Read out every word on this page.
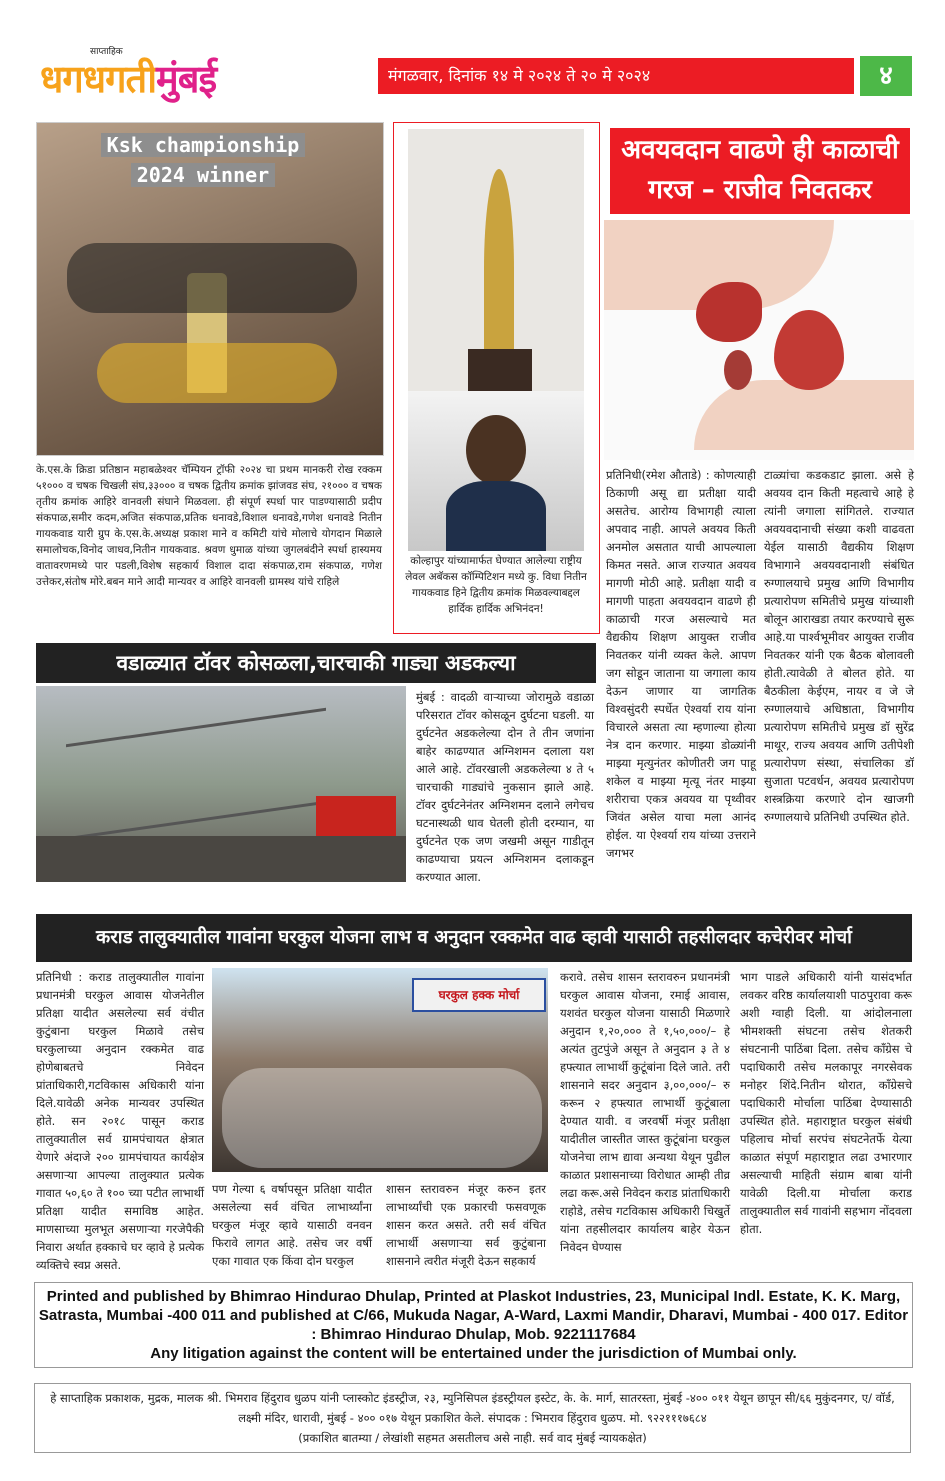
साप्ताहिक
धगधगतीमुंबई	मंगळवार, दिनांक १४ मे २०२४ ते २० मे २०२४	४
Ksk championship
2024 winner
के.एस.के क्रिडा प्रतिष्ठान महाबळेश्वर चॅम्पियन ट्रॉफी २०२४ चा प्रथम मानकरी रोख रक्कम ५१००० व चषक चिखली संघ,३३००० व चषक द्वितीय क्रमांक झांजवड संघ, २१००० व चषक तृतीय क्रमांक आहिरे वानवली संघाने मिळवला. ही संपूर्ण स्पर्धा पार पाडण्यासाठी प्रदीप संकपाळ,समीर कदम,अजित संकपाळ,प्रतिक धनावडे,विशाल धनावडे,गणेश धनावडे नितीन गायकवाड यारी ग्रुप के.एस.के.अध्यक्ष प्रकाश माने व कमिटी यांचे मोलाचे योगदान मिळाले समालोचक,विनोद जाधव,नितीन गायकवाड. श्रवण धुमाळ यांच्या जुगलबंदीने स्पर्धा हास्यमय वातावरणमध्ये पार पडली,विशेष सहकार्य विशाल दादा संकपाळ,राम संकपाळ, गणेश उत्तेकर,संतोष मोरे.बबन माने आदी मान्यवर व आहिरे वानवली ग्रामस्थ यांचे राहिले
कोल्हापुर यांच्यामार्फत घेण्यात आलेल्या राष्ट्रीय लेवल अबॅकस कॉम्पिटिशन मध्ये कु. विधा नितीन गायकवाड हिने द्वितीय क्रमांक मिळवल्याबद्दल हार्दिक हार्दिक अभिनंदन!
अवयवदान वाढणे ही काळाची
गरज – राजीव निवतकर
प्रतिनिधी(रमेश औताडे) : कोणत्याही ठिकाणी असू द्या प्रतीक्षा यादी असतेच. आरोग्य विभागही त्याला अपवाद नाही. आपले अवयव किती अनमोल असतात याची आपल्याला किमत नसते. आज राज्यात अवयव मागणी मोठी आहे. प्रतीक्षा यादी व मागणी पाहता अवयवदान वाढणे ही काळाची गरज असल्याचे मत वैद्यकीय शिक्षण आयुक्त राजीव निवतकर यांनी व्यक्त केले. आपण जग सोडून जाताना या जगाला काय देऊन जाणार या जागतिक विश्वसुंदरी स्पर्धेत ऐश्वर्या राय यांना विचारले असता त्या म्हणाल्या होत्या नेत्र दान करणार. माझ्या डोळ्यांनी माझ्या मृत्युनंतर कोणीतरी जग पाहू शकेल व माझ्या मृत्यू नंतर माझ्या शरीराचा एकत्र अवयव या पृथ्वीवर जिवंत असेल याचा मला आनंद होईल. या ऐश्वर्या राय यांच्या उत्तराने जगभर
टाळ्यांचा कडकडाट झाला. असे हे अवयव दान किती महत्वाचे आहे हे त्यांनी जगाला सांगितले. राज्यात अवयवदानाची संख्या कशी वाढवता येईल यासाठी वैद्यकीय शिक्षण विभागाने अवयवदानाशी संबंधित रुग्णालयाचे प्रमुख आणि विभागीय प्रत्यारोपण समितीचे प्रमुख यांच्याशी बोलून आराखडा तयार करण्याचे सुरू आहे.या पार्श्वभूमीवर आयुक्त राजीव निवतकर यांनी एक बैठक बोलावली होती.त्यावेळी ते बोलत होते. या बैठकीला केईएम, नायर व जे जे रुग्णालयाचे अधिष्ठाता, विभागीय प्रत्यारोपण समितीचे प्रमुख डॉ सुरेंद्र माथूर, राज्य अवयव आणि उतीपेशी प्रत्यारोपण संस्था, संचालिका डॉ सुजाता पटवर्धन, अवयव प्रत्यारोपण शस्त्रक्रिया करणारे दोन खाजगी रुग्णालयाचे प्रतिनिधी उपस्थित होते.
वडाळ्यात टॉवर कोसळला,चारचाकी गाड्या अडकल्या
मुंबई : वादळी वाऱ्याच्या जोरामुळे वडाळा परिसरात टॉवर कोसळून दुर्घटना घडली. या दुर्घटनेत अडकलेल्या दोन ते तीन जणांना बाहेर काढण्यात अग्निशमन दलाला यश आले आहे. टॉवरखाली अडकलेल्या ४ ते ५ चारचाकी गाड्यांचे नुकसान झाले आहे. टॉवर दुर्घटनेनंतर अग्निशमन दलाने लगेचच घटनास्थळी धाव घेतली होती दरम्यान, या दुर्घटनेत एक जण जखमी असून गाडीतून काढण्याचा प्रयत्न अग्निशमन दलाकडून करण्यात आला.
कराड तालुक्यातील गावांना घरकुल योजना लाभ व अनुदान रक्कमेत वाढ व्हावी यासाठी तहसीलदार कचेरीवर मोर्चा
प्रतिनिधी : कराड तालुक्यातील गावांना प्रधानमंत्री घरकुल आवास योजनेतील प्रतिक्षा यादीत असलेल्या सर्व वंचीत कुटुंबाना घरकुल मिळावे तसेच घरकुलाच्या अनुदान रक्कमेत वाढ होणेबाबतचे निवेदन प्रांताधिकारी,गटविकास अधिकारी यांना दिले.यावेळी अनेक मान्यवर उपस्थित होते. सन २०१८ पासून कराड तालुक्यातील सर्व ग्रामपंचायत क्षेत्रात येणारे अंदाजे २०० ग्रामपंचायत कार्यक्षेत्र असणाऱ्या आपल्या तालुक्यात प्रत्येक गावात ५०,६० ते १०० च्या पटीत लाभार्थी प्रतिक्षा यादीत समाविष्ठ आहेत. माणसाच्या मुलभूत असणाऱ्या गरजेपैकी निवारा अर्थात हक्काचे घर व्हावे हे प्रत्येक व्यक्तिचे स्वप्न असते.
घरकुल हक्क मोर्चा
पण गेल्या ६ वर्षापसून प्रतिक्षा यादीत असलेल्या सर्व वंचित लाभार्थ्यांना घरकुल मंजूर व्हावे यासाठी वनवन फिरावे लागत आहे. तसेच जर वर्षी एका गावात एक किंवा दोन घरकुल
शासन स्तरावरुन मंजूर करुन इतर लाभार्थ्यांची एक प्रकारची फसवणूक शासन करत असते. तरी सर्व वंचित लाभार्थी असणाऱ्या सर्व कुटुंबाना शासनाने त्वरीत मंजूरी देऊन सहकार्य
करावे. तसेच शासन स्तरावरुन प्रधानमंत्री घरकुल आवास योजना, रमाई आवास, यशवंत घरकुल योजना यासाठी मिळणारे अनुदान १,२०,००० ते १,५०,०००/– हे अत्यंत तुटपुंजे असून ते अनुदान ३ ते ४ हफ्त्यात लाभार्थी कुटूंबांना दिले जाते. तरी शासनाने सदर अनुदान ३,००,०००/– रु करून २ हफ्त्यात लाभार्थी कुटूंबाला देण्यात यावी. व जरवर्षी मंजूर प्रतीक्षा यादीतील जास्तीत जास्त कुटूंबांना घरकुल योजनेचा लाभ द्यावा अन्यथा येथून पुढील काळात प्रशासनाच्या विरोधात आम्ही तीव्र लढा करू.असे निवेदन कराड प्रांताधिकारी राहोडे, तसेच गटविकास अधिकारी चिखुर्ते यांना तहसीलदार कार्यालय बाहेर येऊन निवेदन घेण्यास
भाग पाडले अधिकारी यांनी यासंदर्भात लवकर वरिष्ठ कार्यालयाशी पाठपुरावा करू अशी ग्वाही दिली. या आंदोलनाला भीमशक्ती संघटना तसेच शेतकरी संघटनानी पाठिंबा दिला. तसेच कॉंग्रेस चे पदाधिकारी तसेच मलकापूर नगरसेवक मनोहर शिंदे.नितीन थोरात, कॉंग्रेसचे पदाधिकारी मोर्चाला पाठिंबा देण्यासाठी उपस्थित होते. महाराष्ट्रात घरकुल संबंधी पहिलाच मोर्चा सरपंच संघटनेतर्फे येत्या काळात संपूर्ण महाराष्ट्रात लढा उभारणार असल्याची माहिती संग्राम बाबा यांनी यावेळी दिली.या मोर्चाला कराड तालुक्यातील सर्व गावांनी सहभाग नोंदवला होता.
Printed and published by Bhimrao Hindurao Dhulap, Printed at Plaskot Industries, 23, Municipal Indl. Estate, K. K. Marg, Satrasta, Mumbai -400 011 and published at C/66, Mukuda Nagar, A-Ward, Laxmi Mandir, Dharavi, Mumbai - 400 017. Editor : Bhimrao Hindurao Dhulap, Mob. 9221117684
Any litigation against the content will be entertained under the jurisdiction of Mumbai only.
हे साप्ताहिक प्रकाशक, मुद्रक, मालक श्री. भिमराव हिंदुराव धुळप यांनी प्लास्कोट इंडस्ट्रीज, २३, म्युनिसिपल इंडस्ट्रीयल इस्टेट, के. के. मार्ग, सातरस्ता, मुंबई -४०० ०११ येथून छापून सी/६६ मुकुंदनगर, ए/ वॉर्ड, लक्ष्मी मंदिर, धारावी, मुंबई - ४०० ०१७ येथून प्रकाशित केले. संपादक : भिमराव हिंदुराव धुळप. मो. ९२२१११७६८४
(प्रकाशित बातम्या / लेखांशी सहमत असतीलच असे नाही. सर्व वाद मुंबई न्यायकक्षेत)
